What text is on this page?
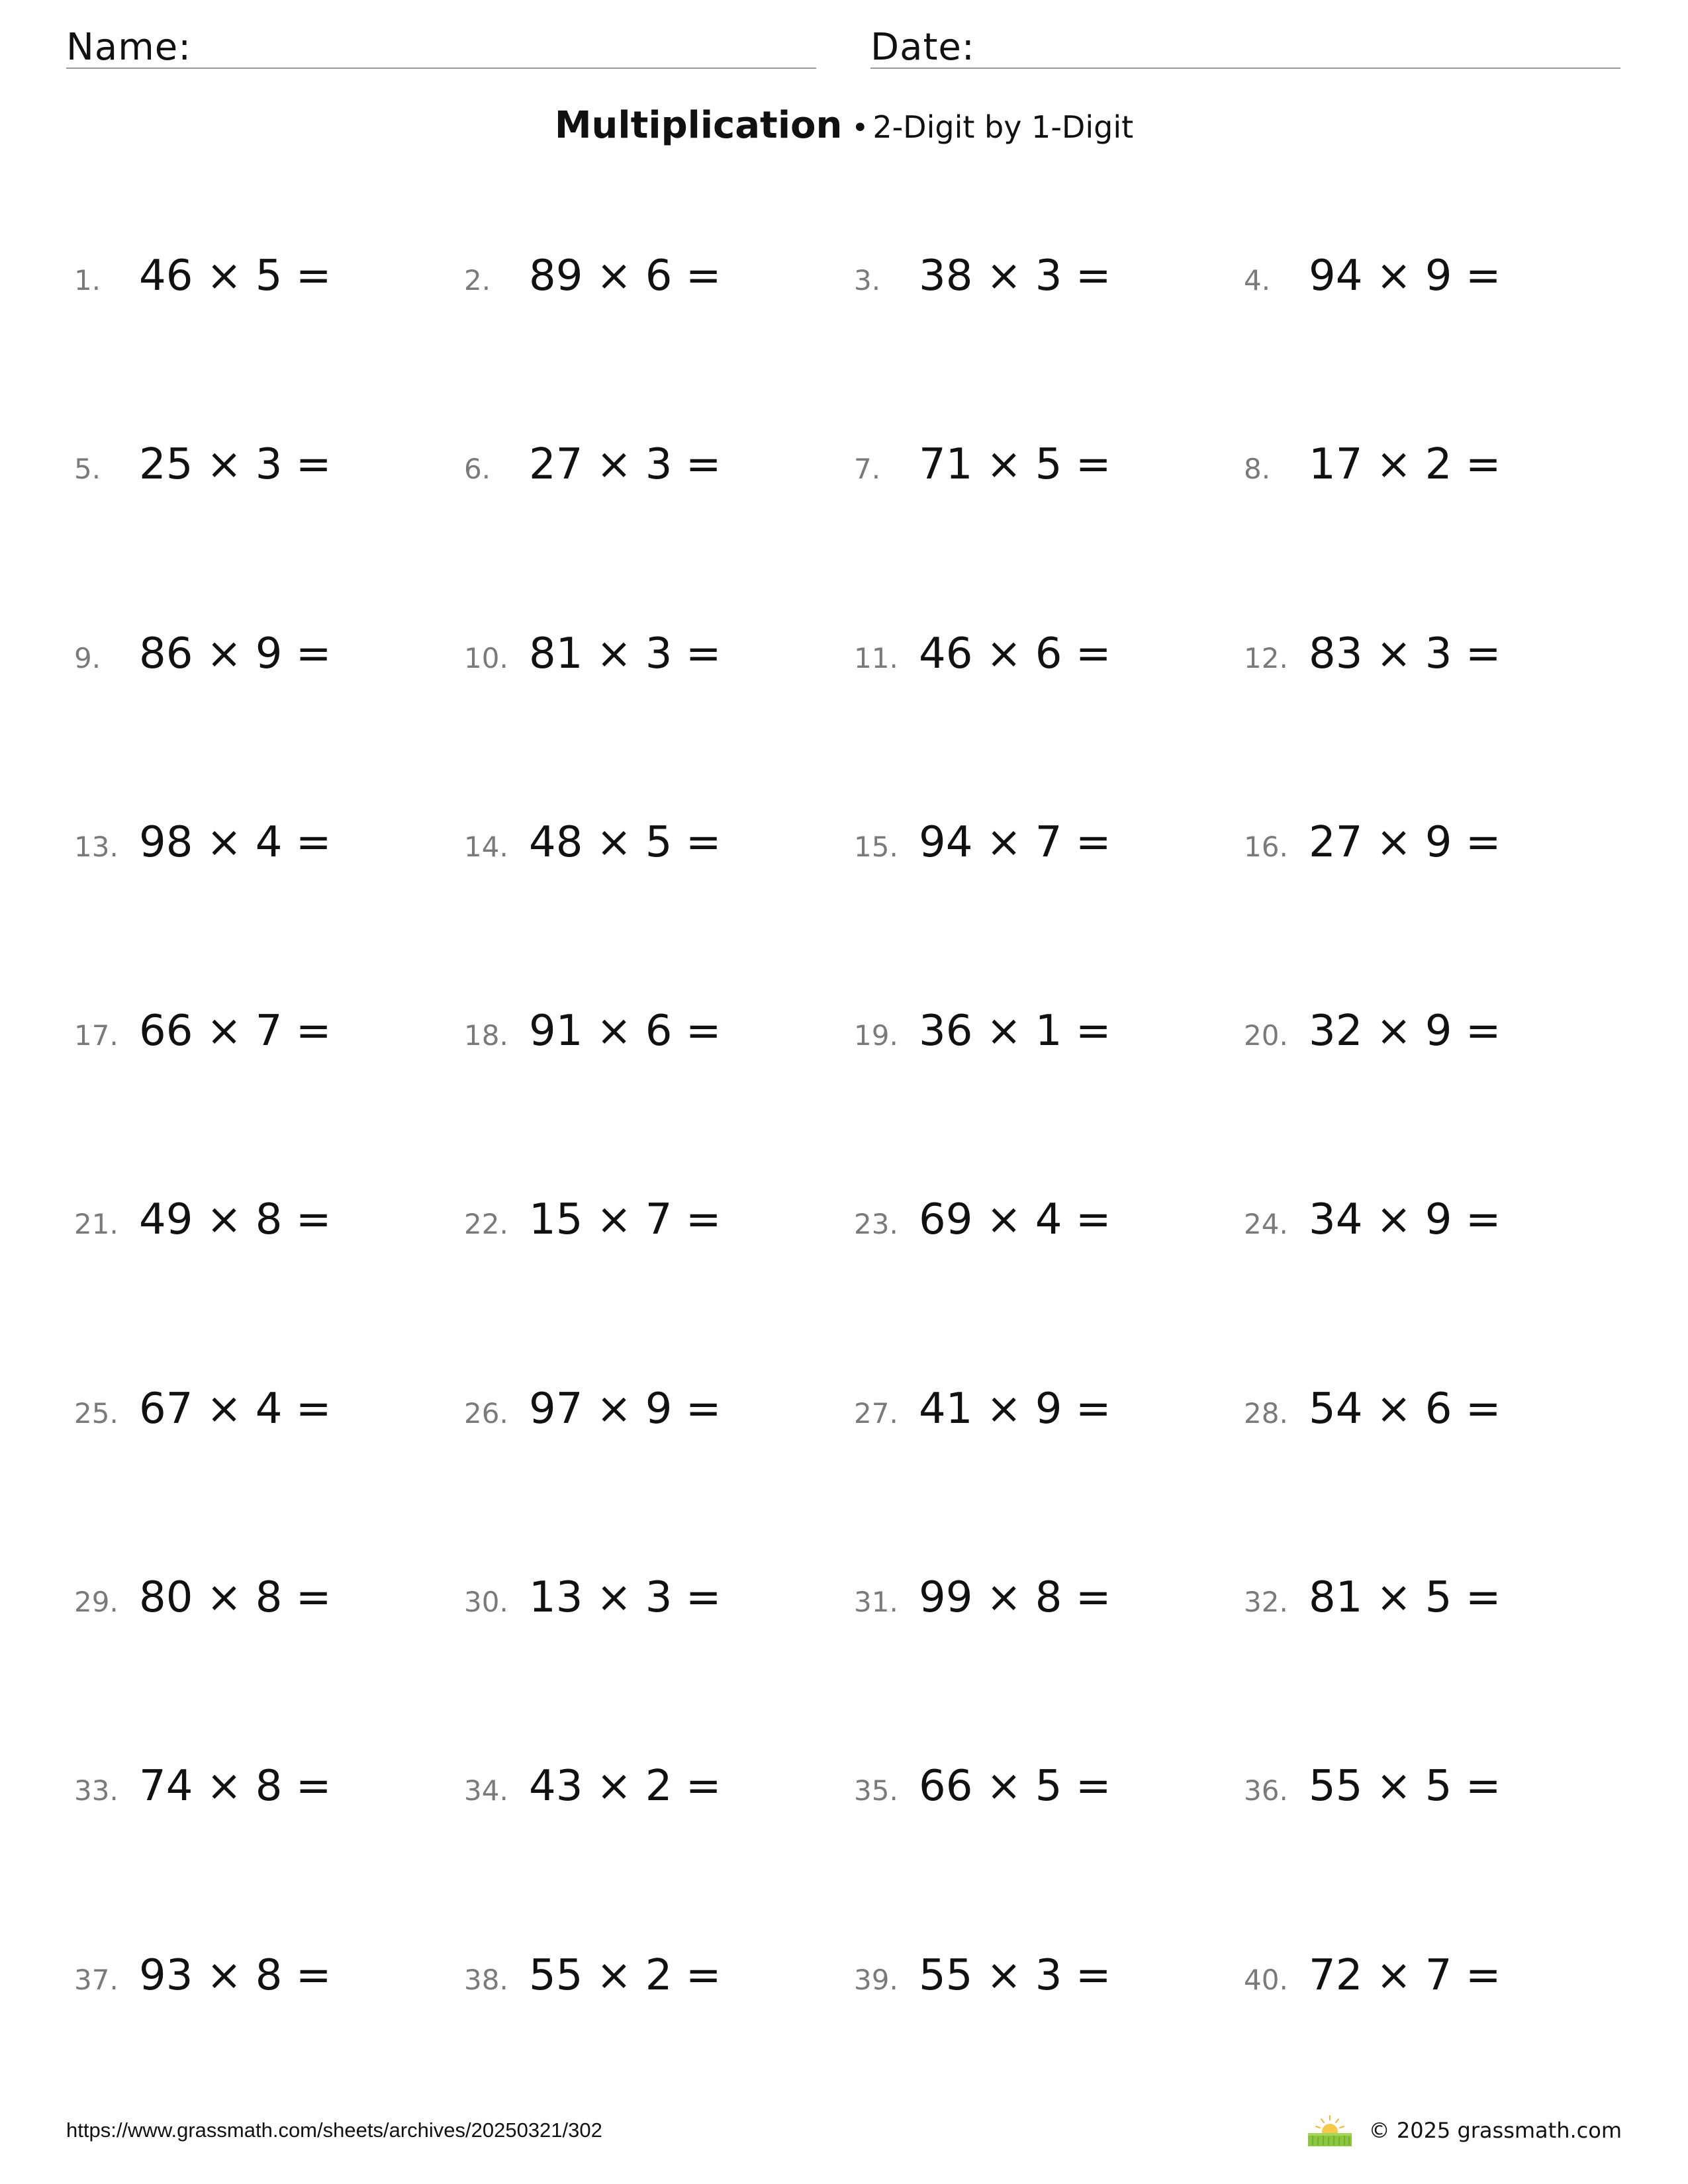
Name:	Date:
Multiplication • 2-Digit by 1-Digit
1. 46 × 5 =	2. 89 × 6 =	3. 38 × 3 =	4. 94 × 9 =
5. 25 × 3 =	6. 27 × 3 =	7. 71 × 5 =	8. 17 × 2 =
9. 86 × 9 =	10. 81 × 3 =	11. 46 × 6 =	12. 83 × 3 =
13. 98 × 4 =	14. 48 × 5 =	15. 94 × 7 =	16. 27 × 9 =
17. 66 × 7 =	18. 91 × 6 =	19. 36 × 1 =	20. 32 × 9 =
21. 49 × 8 =	22. 15 × 7 =	23. 69 × 4 =	24. 34 × 9 =
25. 67 × 4 =	26. 97 × 9 =	27. 41 × 9 =	28. 54 × 6 =
29. 80 × 8 =	30. 13 × 3 =	31. 99 × 8 =	32. 81 × 5 =
33. 74 × 8 =	34. 43 × 2 =	35. 66 × 5 =	36. 55 × 5 =
37. 93 × 8 =	38. 55 × 2 =	39. 55 × 3 =	40. 72 × 7 =
https://www.grassmath.com/sheets/archives/20250321/302	© 2025 grassmath.com
